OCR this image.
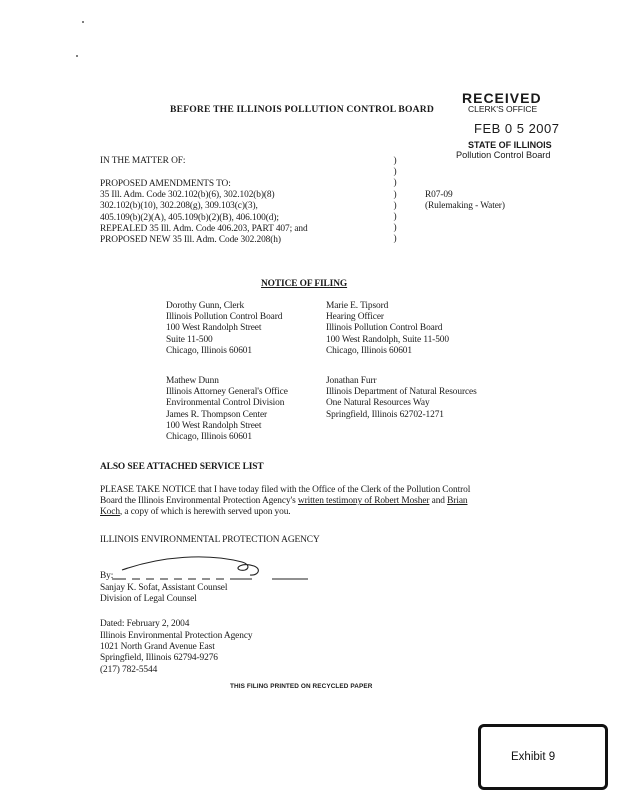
BEFORE THE ILLINOIS POLLUTION CONTROL BOARD
RECEIVED
CLERK'S OFFICE
FEB 0 5 2007
STATE OF ILLINOIS
Pollution Control Board
IN THE MATTER OF:
PROPOSED AMENDMENTS TO:
35 Ill. Adm. Code 302.102(b)(6), 302.102(b)(8)
302.102(b)(10), 302.208(g), 309.103(c)(3),
405.109(b)(2)(A), 405.109(b)(2)(B), 406.100(d);
REPEALED 35 Ill. Adm. Code 406.203, PART 407; and
PROPOSED NEW 35 Ill. Adm. Code 302.208(h)
)
)
)
)
)
)
)
)
R07-09
(Rulemaking - Water)
NOTICE OF FILING
Dorothy Gunn, Clerk
Illinois Pollution Control Board
100 West Randolph Street
Suite 11-500
Chicago, Illinois 60601
Marie E. Tipsord
Hearing Officer
Illinois Pollution Control Board
100 West Randolph, Suite 11-500
Chicago, Illinois 60601
Mathew Dunn
Illinois Attorney General's Office
Environmental Control Division
James R. Thompson Center
100 West Randolph Street
Chicago, Illinois 60601
Jonathan Furr
Illinois Department of Natural Resources
One Natural Resources Way
Springfield, Illinois 62702-1271
ALSO SEE ATTACHED SERVICE LIST
PLEASE TAKE NOTICE that I have today filed with the Office of the Clerk of the Pollution Control
Board the Illinois Environmental Protection Agency's written testimony of Robert Mosher and Brian
Koch, a copy of which is herewith served upon you.
ILLINOIS ENVIRONMENTAL PROTECTION AGENCY
By:
Sanjay K. Sofat, Assistant Counsel
Division of Legal Counsel
Dated: February 2, 2004
Illinois Environmental Protection Agency
1021 North Grand Avenue East
Springfield, Illinois 62794-9276
(217) 782-5544
THIS FILING PRINTED ON RECYCLED PAPER
Exhibit 9
